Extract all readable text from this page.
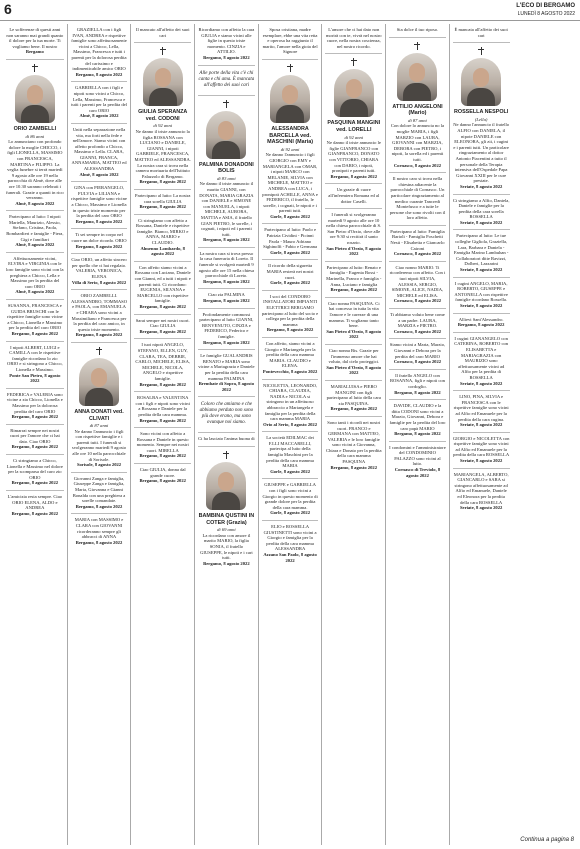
6	L'ECO DI BERGAMO
LUNEDÌ 8 AGOSTO 2022
Le sofferenze di questi anni non saranno mai grandi quanto il dolore per la tua morte. Ti vogliamo bene. Il nostro
Bergamo
ORIO ZAMBELLI
di 86 anni
Lo annunciano con profondo dolore la moglie CHICCO, i figli LIONELLA, MASSIMO con FRANCESCA, MARTINA e FILIPPO. La veglia funebre si terrà martedì 9 agosto alle ore 19 nella parrocchia di Almè, dove alle ore 10.30 saranno celebrati i funerali. Grazie a quanti in rico verranno.
Almè, 8 agosto 2022
Partecipano al lutto: I nipoti Mariella, Maurizio, Alessio, Stefano, Cristina, Paola, Bombardieri e famiglie - Piera, Gigi e familiari
Almè, 8 agosto 2022
Affettuosamente vicini, ELVIRA e VIRGINIA con le loro famiglie sono vicini con la preghiera a Chicco, Lella e Massimo per la perdita del caro ORIO
Almè, 8 agosto 2022
SUSANNA, FRANCESCA e GUIDA BRUSCHI con le rispettive famiglie sono vicine a Chicco, Lionella e Massimo per la perdita del caro ORIO
Bergamo, 8 agosto 2022
I nipoti ALBERT, LUIGI e CAMILLA con le rispettive famiglie ricordano lo zio ORIO e si stringono a Chicco, Lionella e Massimo.
Ponte San Pietro, 8 agosto 2022
FEDERICA e VALERIA sono vicine a zia Chicco, Lionella e Massimo per la dolorosa perdita del caro ORIO
Bergamo, 8 agosto 2022
Rimarrai sempre nei nostri cuori per l'amore che ci hai dato. Ciao ORIO
Bergamo, 8 agosto 2022
Ci stringiamo a Chicco, Lionella e Massimo nel dolore per la scomparsa del caro zio ORIO
Bergamo, 8 agosto 2022
L'amicizia resta sempre. Ciao ORIO ELENA, ALDO e ANDREA
Bergamo, 8 agosto 2022
GRAZIELLA con i figli IVAN, ANDREA e rispettive famiglie sono affettuosamente vicini a Chicco, Lella, Massimo, Francesca e tutti i parenti per la dolorosa perdita del carissimo e indimenticabile amico ORIO
Bergamo, 8 agosto 2022
GABRIELLA con i figli e nipoti sono vicini a Chicco, Lella, Massimo, Francesca e tutti i parenti per la perdita del caro ORIO
Almè, 8 agosto 2022
Uniti nella separazione nella vita, ma forti nella fede e nell'amore. Siamo vicini con affetto profondo a Chicco, Massimo e Lella. CLARA, GIANNI, FRANCA, ANNAMARIA, MATTEO ed ALESSANDRA
Almè, 8 agosto 2022
GINA con PIERANGELO, FULVIA e LILIANA e rispettive famiglie sono vicine a Chicco, Massimo e Lionella in questo triste momento per la perdita del caro ORIO
Bergamo, 8 agosto 2022
Ti sei sempre in corpo nel cuore un dolce ricordo. ORIO
Bergamo, 8 agosto 2022
Ciao ORIO, un affetto sincero per quello che ci hai regalato. VALERIA, VERONICA, ELENA
Villa di Serio, 8 agosto 2022
ORIO ZAMBELLI. ALESSANDRO, TOMMASO e PAOLA, con EMANUELA e CHIARA sono vicini a Massimiliano e Francesca per la perdita del caro amico, in questo triste momento.
Bergamo, 8 agosto 2022
ANNA DONATI ved. CLIVATI
di 87 anni
Ne danno l'annuncio i figli con rispettive famiglie e i parenti tutti. I funerali si svolgeranno martedì 9 agosto alle ore 10 nella parrocchiale di Sorisole.
Sorisole, 8 agosto 2022
Giovanni Zanga e famiglia, Giuseppe Zanga e famiglia, Maria, Giovanna e Gianni Bonalda con una preghiera a sorelle comandate.
Bergamo, 8 agosto 2022
MARIA con MASSIMO e CLARA con GIOVANNI ricorderanno sempre gli abbracci di ANNA
Bergamo, 8 agosto 2022
Il mancato all'affetto dei suoi cari
GIULIA SPERANZA ved. CODONI
di 92 anni
Ne danno il triste annuncio la figlia ROSSANA con LUCIANO e DANIELE, GIANNI, i nipoti GABRIELE, FRANCESCA, MATTEO ed ALESSANDRA. La nostra cara si trova nella camera mortuaria dell'Istituto Palazzolo di Bergamo.
Bergamo, 8 agosto 2022
Partecipano al lutto: La nostra cara sorella GIULIA
Bergamo, 8 agosto 2022
Ci stringiamo con affetto a Rossana, Daniele e rispettive famiglie. Bianco, MIRKO e ANNA, MARIO e CLAUDIO.
Almenno Lombardo, 8 agosto 2022
Con affetto siamo vicini a Rossana con Luciano, Daniele con Gianni, ed a tutti i nipoti e parenti tutti. Ci ricordano: EUGENIA, SILVANA e MARCELLO con rispettive famiglie.
Bergamo, 8 agosto 2022
Sarai sempre nei nostri cuori. Ciao GIULIA
Bergamo, 8 agosto 2022
I tuoi nipoti ANGELO, STEFANO, ELLEN, GUY, CLARA, TEA, DEBBIE, CARLO, MICHELE, ELISA, MICHELE, NICOLA, ANGELO e rispettive famiglie.
Bergamo, 8 agosto 2022
ROSALBA e VALENTINA con i figli e nipoti sono vicini a Rossana e Daniele per la perdita della cara mamma.
Bergamo, 8 agosto 2022
Sono vicini con affetto a Rossana e Daniele in questo momento. Sempre nei nostri cuori. MIRELLA
Bergamo, 8 agosto 2022
Ciao GIULIA, donna dal grande cuore.
Bergamo, 8 agosto 2022
Ricordiamo con affetto la cara GIULIA e siamo vicini alle figlie in questo triste momento. CINZIA e ATTILIO.
Bergamo, 8 agosto 2022
Alle porte della vita c'è chi canta e chi ama. È mancata all'affetto dei suoi cari
PALMINA DONADONI BOLIS
di 83 anni
Ne danno il triste annuncio il marito GIANNI, con DONATA, MARIA GRAZIA con DANIELE e SIMONE con MANUELA, i nipoti MICHELE, AURORA, MATTIA e ASIA, il fratello GIAN PIETRO, le sorelle, i cognati, i nipoti ed i parenti tutti.
Bergamo, 8 agosto 2022
La nostra cara si trova presso la casa funeraria di Loreto. Il funerale si svolgerà martedì 9 agosto alle ore 15 nella chiesa parrocchiale di Loreto.
Bergamo, 8 agosto 2022
Ciao zia PALMINA
Bergamo, 8 agosto 2022
Profondamente commossi partecipano al lutto GIANNI, BENVENUTO, CINZIA e FEDERICO, Federico e famiglie.
Bergamo, 8 agosto 2022
Le famiglie GUALANDRIS BENATO e MARIA sono vicine a Mariagrazia e Daniele per la perdita della cara mamma PALMINA
Brembate di Sopra, 8 agosto 2022
Coloro che amiamo e che abbiamo perduto non sono più dove erano, ma sono ovunque noi siamo.
Ci ha lasciato l'anima buona di
BAMBINA QUSTINI IN COTER (Grazia)
di 69 anni
La ricordano con amore il marito MARIO, la figlia SONIA, il fratello GIUSEPPE, le nipoti e i cari tutti.
Bergamo, 8 agosto 2022
Sposa cristiana, madre esemplare, ebbe una vita retta e operosa ha raggiunto il marito, l'amore nella gioia del Signore
ALESSANDRA BARCELLA ved. MASCHINI (Maria)
di 92 anni
Ne danno l'annuncio i figli GIORGIO con EMY e MARIANGELA con OMAR, i nipoti MARCO con MELANIE, SILVIA con MICHELE, MATTEO e ANDREA con LUCA, i pronipoti ACHILLE, ANNA e FEDERICO, il fratello, le sorelle, i cognati, le nipoti e i parenti tutti.
Gorle, 8 agosto 2022
Partecipano al lutto: Paolo e Patrizia Cividini - Picinni Paola - Mauro Adriano Sighinolfi - Fabio e Germana
Gorle, 8 agosto 2022
Il ricordo della sigaretta MARIA resterà nei nostri cuori.
Gorle, 8 agosto 2022
I soci del CONDORO INSTALLATORI IMPIANTI ELETTRICI BERGAMO partecipano al lutto del socio e collega per la perdita della mamma
Bergamo, 8 agosto 2022
Con affetto, siamo vicini a Giorgio e Mariangela per la perdita della cara mamma MARIA. CLAUDIO e ELENA.
Pontevecchio, 8 agosto 2022
NICOLETTA, LEONARDO, CHIARA, CLAUDIA, NADIA e NICOLA si stringono in un affettuoso abbraccio a Mariangela e famiglia per la perdita della cara mamma MARIA
Orio al Serio, 8 agosto 2022
La società EDILMAC dei F.LLI MACCARELLI, partecipa al lutto della famiglia Maschini per la perdita della cara mamma MARIA
Gorle, 8 agosto 2022
GIUSEPPE e GABRIELLA con i figli sono vicini a Giorgio in questo momento di grande dolore per la perdita della cara mamma.
Gorle, 8 agosto 2022
ELIO e ROSSELLA GIUSTINETTI sono vicini a Giorgio e famiglia per la perdita della cara mamma ALESSANDRA
Azzano San Paolo, 8 agosto 2022
L'amore che ci hai dato non morirà con te, vivrà nel nostro cuore, nella nostra coscienza, nel nostro ricordo.
PASQUINA MANGINI ved. LORELLI
di 92 anni
Ne danno il triste annuncio le figlie GIANFRANCO con GIANFRANCO, DONATO con VITTORIO, CHIARA con DARIO, i nipoti, pronipoti e parenti tutti.
Bergamo, 8 agosto 2022
Un grazie di cuore all'infermiera Romana ed al dottor Caselli.
I funerali si svolgeranno martedì 9 agosto alle ore 10 nella chiesa parrocchiale di S. San Pietro d'Orzio, dove alle ore 9:30 si recitirà il santo rosario.
San Pietro d'Orzio, 8 agosto 2022
Partecipano al lutto: Renato e famiglia - Eugenia Bossi - Marinella, Franco e famiglia - Anna, Luciano e famiglia
Bergamo, 8 agosto 2022
Ciao nonna PASQUINA. Ci hai concesso in tutta la vita l'amore e le carezze di una mamma. Ti vogliamo tanto bene.
San Pietro d'Orzio, 8 agosto 2022
Ciao nonna Bis. Grazie per l'immenso amore che hai voluto, dal cielo proteggici.
San Pietro d'Orzio, 8 agosto 2022
MARIALUISA e PIERO MANGINI con figli partecipano al lutto della cara zia PASQUINA.
Bergamo, 8 agosto 2022
Sono tanti i ricordi nei nostri cuori. FRANCO e GERMANA con MATTEO, VALERIA e le loro famiglie sono vicini a Giovanna, Chiara e Donato per la perdita della cara mamma PASQUINA
Bergamo, 8 agosto 2022
Sia dolce il tuo riposo.
ATTILIO ANGELONI (Mario)
di 87 anni
Con dolore lo annuncia no la moglie MARIA, i figli MARZIO con LAURA, GIOVANNI con MARZIA, DEBORA con PIETRO, i nipoti, la sorella ed i parenti tutti.
Cornasco, 8 agosto 2022
Il nostro caro si trova nella chiesina adiacente la parrocchiale di Cornasco. Un particolare ringraziamento al medico curante Tancredi Montefusco e a tutte le persone che sono rivolti con il loro affetto.
Partecipano al lutto: Famiglia Barioli - Famiglia Foschetti Nesti - Elisabetta e Giancarlo Caironi
Cornasco, 8 agosto 2022
Ciao nonno MARIO. Ti ricorderemo con affetto. Con i tuoi nipoti SILVIA, ALESSIA, SERGIO, SIMONE, ALICE, NADIA, MICHELE ed ELISA.
Cornasco, 8 agosto 2022
Ti abbiamo voluto bene come a un padre. LAURA, MARZIA e PIETRO.
Cornasco, 8 agosto 2022
Siamo vicini a Maria, Marzio, Giovanni e Debora per la perdita del caro MARIO
Cornasco, 8 agosto 2022
Il fratello ANGELO con ROSANNA, figli e nipoti con cordoglio.
Bergamo, 8 agosto 2022
DAVIDE, CLAUDIO e la ditta CODONI sono vicini a Marzio, Giovanni, Debora e famiglie per la perdita del loro caro papà MARIO
Bergamo, 8 agosto 2022
I condomini e l'amministratore del CONDOMINIO PALAZZO sono vicini al lutto.
Cornasco di Treviolo, 8 agosto 2022
È mancata all'affetto dei suoi cari
ROSSELLA NESPOLI
(Lella)
Ne danno l'annuncio il fratello ALFIO con DANIELA, il nipote DANIELE con ELEONORA, gli zii, i cugini e i parenti tutti. Un particolare ringraziamento al dottor Antonio Piacentini a tutto il personale della Terapia intensiva dell'Ospedale Papa Giovanni XXIII per le cure prestate.
Seriate, 8 agosto 2022
Ci stringiamo a Alfio, Daniela, Daniele e famiglie per la perdita della cara sorella ROSSELLA
Seriate, 8 agosto 2022
Partecipano al lutto: Le tue colleghe Gigliola, Graziella, Lara, Barbara e Daniela - Famiglia Marino Lambuhan - Collaboratori ditte Ravizzi, Dolberi, Lazzarini
Seriate, 8 agosto 2022
I cugini ANGELO, MARIA, ROBERTO, GIUSEPPE e ANTONELLA con rispettive famiglie ricordano Rossella.
Seriate, 8 agosto 2022
Allievi Sant'Alessandro.
Bergamo, 8 agosto 2022
I cugini GIANANGELO con CATERINA, ROBERTO con ELISABETTA e MARIAGRAZIA con MAURIZIO sono affettuosamente vicini ad Alfio per la perdita di ROSSELLA
Seriate, 8 agosto 2022
LINO, PINA, SILVIA e FRANCESCA con le rispettive famiglie sono vicini ad Alfio ed Emanuele per la perdita della cara cugina.
Seriate, 8 agosto 2022
GIORGIO e NICOLETTA con rispettive famiglie sono vicini ad Alfio ed Emanuele per la perdita della cara ROSSELLA
Seriate, 8 agosto 2022
MARIANGELA, ALBERTO, GIANCARLO e SARA si stringono affettuosamente ad Alfio ed Emanuele, Daniele ed Eleonora per la perdita della cara ROSSELLA
Seriate, 8 agosto 2022
Continua a pagina 8
